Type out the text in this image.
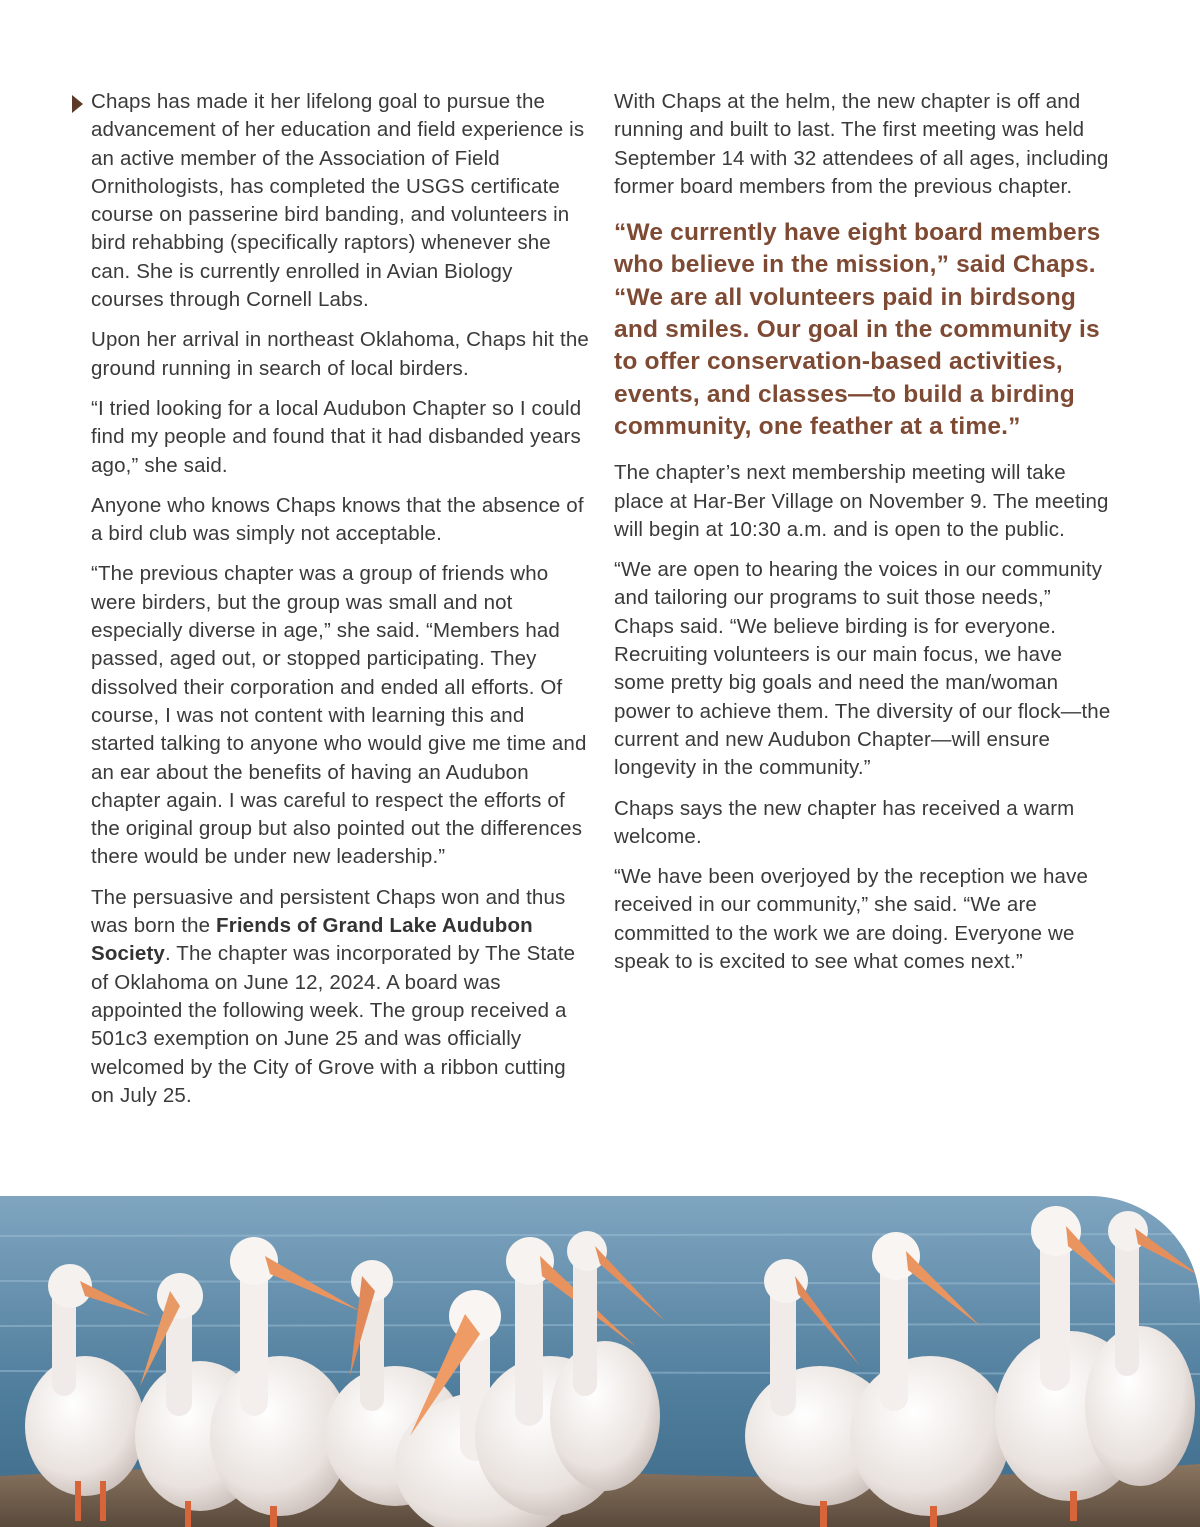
Chaps has made it her lifelong goal to pursue the advancement of her education and field experience is an active member of the Association of Field Ornithologists, has completed the USGS certificate course on passerine bird banding, and volunteers in bird rehabbing (specifically raptors) whenever she can. She is currently enrolled in Avian Biology courses through Cornell Labs.

Upon her arrival in northeast Oklahoma, Chaps hit the ground running in search of local birders.

“I tried looking for a local Audubon Chapter so I could find my people and found that it had disbanded years ago,” she said.

Anyone who knows Chaps knows that the absence of a bird club was simply not acceptable.

“The previous chapter was a group of friends who were birders, but the group was small and not especially diverse in age,” she said. “Members had passed, aged out, or stopped participating. They dissolved their corporation and ended all efforts. Of course, I was not content with learning this and started talking to anyone who would give me time and an ear about the benefits of having an Audubon chapter again. I was careful to respect the efforts of the original group but also pointed out the differences there would be under new leadership.”

The persuasive and persistent Chaps won and thus was born the Friends of Grand Lake Audubon Society. The chapter was incorporated by The State of Oklahoma on June 12, 2024. A board was appointed the following week. The group received a 501c3 exemption on June 25 and was officially welcomed by the City of Grove with a ribbon cutting on July 25.

With Chaps at the helm, the new chapter is off and running and built to last. The first meeting was held September 14 with 32 attendees of all ages, including former board members from the previous chapter.

“We currently have eight board members who believe in the mission,” said Chaps. “We are all volunteers paid in birdsong and smiles. Our goal in the community is to offer conservation-based activities, events, and classes—to build a birding community, one feather at a time.”

The chapter’s next membership meeting will take place at Har-Ber Village on November 9. The meeting will begin at 10:30 a.m. and is open to the public.

“We are open to hearing the voices in our community and tailoring our programs to suit those needs,” Chaps said. “We believe birding is for everyone. Recruiting volunteers is our main focus, we have some pretty big goals and need the man/woman power to achieve them. The diversity of our flock—the current and new Audubon Chapter—will ensure longevity in the community.”

Chaps says the new chapter has received a warm welcome.

“We have been overjoyed by the reception we have received in our community,” she said. “We are committed to the work we are doing. Everyone we speak to is excited to see what comes next.”
